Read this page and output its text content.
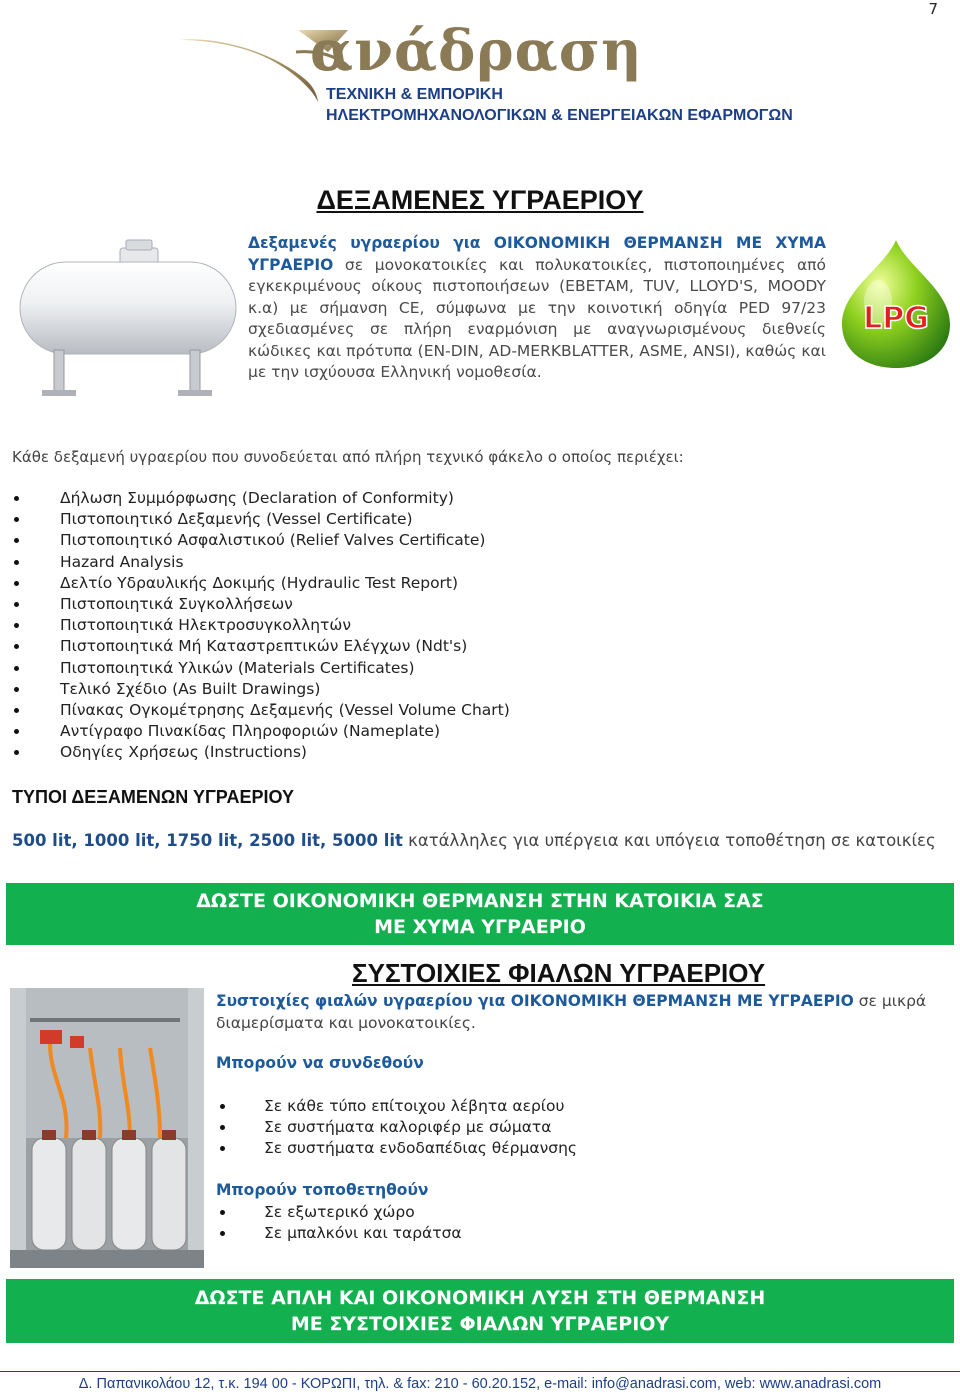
7
ανάδραση
ΤΕΧΝΙΚΗ & ΕΜΠΟΡΙΚΗ
ΗΛΕΚΤΡΟΜΗΧΑΝΟΛΟΓΙΚΩΝ & ΕΝΕΡΓΕΙΑΚΩΝ ΕΦΑΡΜΟΓΩΝ
ΔΕΞΑΜΕΝΕΣ ΥΓΡΑΕΡΙΟΥ
Δεξαμενές υγραερίου για ΟΙΚΟΝΟΜΙΚΗ ΘΕΡΜΑΝΣΗ ΜΕ ΧΥΜΑ ΥΓΡΑΕΡΙΟ σε μονοκατοικίες και πολυκατοικίες, πιστοποιημένες από εγκεκριμένους οίκους πιστοποιήσεων (ΕΒΕΤΑΜ, TUV, LLOYD'S, MOODY κ.α) με σήμανση CE, σύμφωνα με την κοινοτική οδηγία PED 97/23 σχεδιασμένες σε πλήρη εναρμόνιση με αναγνωρισμένους διεθνείς κώδικες και πρότυπα (EN-DIN, AD-MERKBLATTER, ASME, ANSI), καθώς και με την ισχύουσα Ελληνική νομοθεσία.
LPG
Κάθε δεξαμενή υγραερίου που συνοδεύεται από πλήρη τεχνικό φάκελο ο οποίος περιέχει:
Δήλωση Συμμόρφωσης (Declaration of Conformity)
Πιστοποιητικό Δεξαμενής (Vessel Certificate)
Πιστοποιητικό Ασφαλιστικού (Relief Valves Certificate)
Hazard Analysis
Δελτίο Υδραυλικής Δοκιμής (Hydraulic Test Report)
Πιστοποιητικά Συγκολλήσεων
Πιστοποιητικά Ηλεκτροσυγκολλητών
Πιστοποιητικά Μή Καταστρεπτικών Ελέγχων (Ndt's)
Πιστοποιητικά Υλικών (Materials Certificates)
Τελικό Σχέδιο (As Built Drawings)
Πίνακας Ογκομέτρησης Δεξαμενής (Vessel Volume Chart)
Αντίγραφο Πινακίδας Πληροφοριών (Nameplate)
Οδηγίες Χρήσεως (Instructions)
ΤΥΠΟΙ ΔΕΞΑΜΕΝΩΝ ΥΓΡΑΕΡΙΟΥ
500 lit, 1000 lit, 1750 lit, 2500 lit, 5000 lit κατάλληλες για υπέργεια και υπόγεια τοποθέτηση σε κατοικίες
ΔΩΣΤΕ ΟΙΚΟΝΟΜΙΚΗ ΘΕΡΜΑΝΣΗ ΣΤΗΝ ΚΑΤΟΙΚΙΑ ΣΑΣ
ΜΕ ΧΥΜΑ ΥΓΡΑΕΡΙΟ
ΣΥΣΤΟΙΧΙΕΣ ΦΙΑΛΩΝ ΥΓΡΑΕΡΙΟΥ
Συστοιχίες φιαλών υγραερίου για ΟΙΚΟΝΟΜΙΚΗ ΘΕΡΜΑΝΣΗ ΜΕ ΥΓΡΑΕΡΙΟ σε μικρά διαμερίσματα και μονοκατοικίες.
Μπορούν να συνδεθούν
Σε κάθε τύπο επίτοιχου λέβητα αερίου
Σε συστήματα καλοριφέρ με σώματα
Σε συστήματα ενδοδαπέδιας θέρμανσης
Μπορούν τοποθετηθούν
Σε εξωτερικό χώρο
Σε μπαλκόνι και ταράτσα
ΔΩΣΤΕ ΑΠΛΗ ΚΑΙ ΟΙΚΟΝΟΜΙΚΗ ΛΥΣΗ ΣΤΗ ΘΕΡΜΑΝΣΗ
ΜΕ ΣΥΣΤΟΙΧΙΕΣ ΦΙΑΛΩΝ ΥΓΡΑΕΡΙΟΥ
Δ. Παπανικολάου 12, τ.κ. 194 00 - ΚΟΡΩΠΙ, τηλ. & fax: 210 - 60.20.152, e-mail: info@anadrasi.com, web: www.anadrasi.com
